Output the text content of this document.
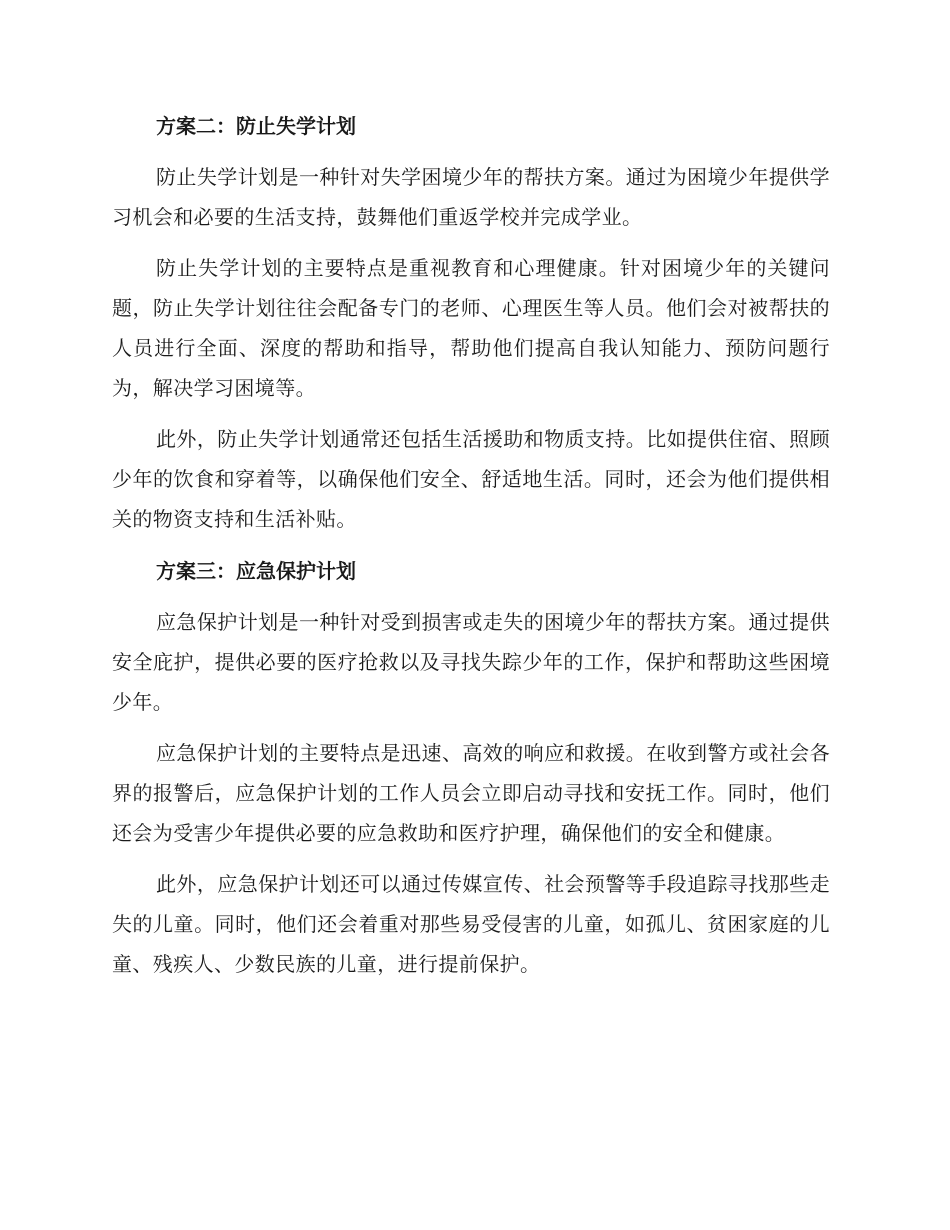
方案二：防止失学计划

防止失学计划是一种针对失学困境少年的帮扶方案。通过为困境少年提供学习机会和必要的生活支持，鼓舞他们重返学校并完成学业。

防止失学计划的主要特点是重视教育和心理健康。针对困境少年的关键问题，防止失学计划往往会配备专门的老师、心理医生等人员。他们会对被帮扶的人员进行全面、深度的帮助和指导，帮助他们提高自我认知能力、预防问题行为，解决学习困境等。

此外，防止失学计划通常还包括生活援助和物质支持。比如提供住宿、照顾少年的饮食和穿着等，以确保他们安全、舒适地生活。同时，还会为他们提供相关的物资支持和生活补贴。

方案三：应急保护计划

应急保护计划是一种针对受到损害或走失的困境少年的帮扶方案。通过提供安全庇护，提供必要的医疗抢救以及寻找失踪少年的工作，保护和帮助这些困境少年。

应急保护计划的主要特点是迅速、高效的响应和救援。在收到警方或社会各界的报警后，应急保护计划的工作人员会立即启动寻找和安抚工作。同时，他们还会为受害少年提供必要的应急救助和医疗护理，确保他们的安全和健康。

此外，应急保护计划还可以通过传媒宣传、社会预警等手段追踪寻找那些走失的儿童。同时，他们还会着重对那些易受侵害的儿童，如孤儿、贫困家庭的儿童、残疾人、少数民族的儿童，进行提前保护。
